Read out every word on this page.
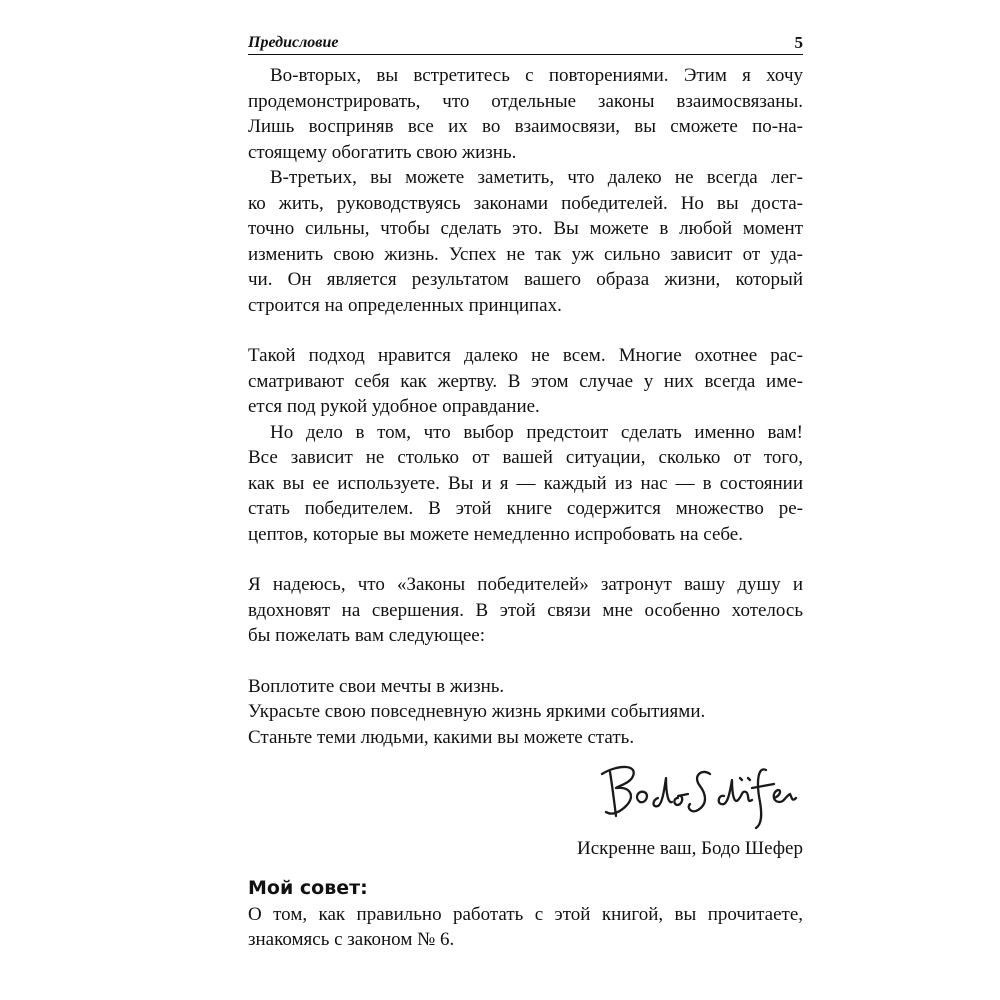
Предисловие	5
Во-вторых, вы встретитесь с повторениями. Этим я хочу
продемонстрировать, что отдельные законы взаимосвязаны.
Лишь восприняв все их во взаимосвязи, вы сможете по-на-
стоящему обогатить свою жизнь.
В-третьих, вы можете заметить, что далеко не всегда лег-
ко жить, руководствуясь законами победителей. Но вы доста-
точно сильны, чтобы сделать это. Вы можете в любой момент
изменить свою жизнь. Успех не так уж сильно зависит от уда-
чи. Он является результатом вашего образа жизни, который
строится на определенных принципах.
Такой подход нравится далеко не всем. Многие охотнее рас-
сматривают себя как жертву. В этом случае у них всегда име-
ется под рукой удобное оправдание.
Но дело в том, что выбор предстоит сделать именно вам!
Все зависит не столько от вашей ситуации, сколько от того,
как вы ее используете. Вы и я — каждый из нас — в состоянии
стать победителем. В этой книге содержится множество ре-
цептов, которые вы можете немедленно испробовать на себе.
Я надеюсь, что «Законы победителей» затронут вашу душу и
вдохновят на свершения. В этой связи мне особенно хотелось
бы пожелать вам следующее:
Воплотите свои мечты в жизнь.
Украсьте свою повседневную жизнь яркими событиями.
Станьте теми людьми, какими вы можете стать.
Искренне ваш, Бодо Шефер
Мой совет:
О том, как правильно работать с этой книгой, вы прочитаете,
знакомясь с законом № 6.
